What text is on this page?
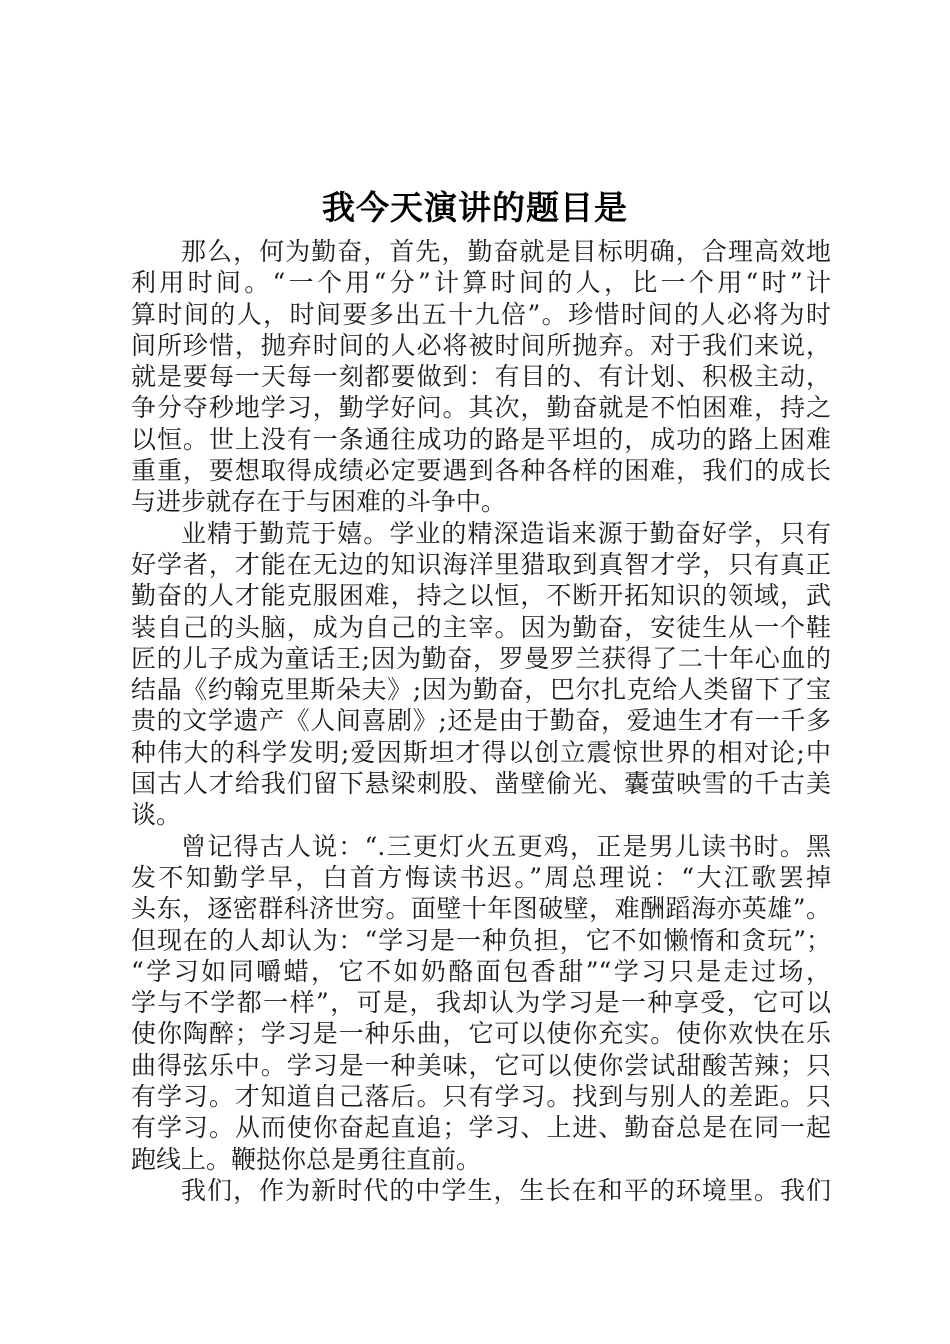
我今天演讲的题目是
那么，何为勤奋，首先，勤奋就是目标明确，合理高效地
利用时间。“一个用“分”计算时间的人，比一个用“时”计
算时间的人，时间要多出五十九倍”。珍惜时间的人必将为时
间所珍惜，抛弃时间的人必将被时间所抛弃。对于我们来说，
就是要每一天每一刻都要做到：有目的、有计划、积极主动，
争分夺秒地学习，勤学好问。其次，勤奋就是不怕困难，持之
以恒。世上没有一条通往成功的路是平坦的，成功的路上困难
重重，要想取得成绩必定要遇到各种各样的困难，我们的成长
与进步就存在于与困难的斗争中。
业精于勤荒于嬉。学业的精深造诣来源于勤奋好学，只有
好学者，才能在无边的知识海洋里猎取到真智才学，只有真正
勤奋的人才能克服困难，持之以恒，不断开拓知识的领域，武
装自己的头脑，成为自己的主宰。因为勤奋，安徒生从一个鞋
匠的儿子成为童话王;因为勤奋，罗曼罗兰获得了二十年心血的
结晶《约翰克里斯朵夫》;因为勤奋，巴尔扎克给人类留下了宝
贵的文学遗产《人间喜剧》;还是由于勤奋，爱迪生才有一千多
种伟大的科学发明;爱因斯坦才得以创立震惊世界的相对论;中
国古人才给我们留下悬梁刺股、凿壁偷光、囊萤映雪的千古美
谈。
曾记得古人说：“.三更灯火五更鸡，正是男儿读书时。黑
发不知勤学早，白首方悔读书迟。”周总理说：“大江歌罢掉
头东，逐密群科济世穷。面壁十年图破壁，难酬蹈海亦英雄”。
但现在的人却认为：“学习是一种负担，它不如懒惰和贪玩”；
“学习如同嚼蜡，它不如奶酪面包香甜”“学习只是走过场，
学与不学都一样”，可是，我却认为学习是一种享受，它可以
使你陶醉；学习是一种乐曲，它可以使你充实。使你欢快在乐
曲得弦乐中。学习是一种美味，它可以使你尝试甜酸苦辣；只
有学习。才知道自己落后。只有学习。找到与别人的差距。只
有学习。从而使你奋起直追；学习、上进、勤奋总是在同一起
跑线上。鞭挞你总是勇往直前。
我们，作为新时代的中学生，生长在和平的环境里。我们
